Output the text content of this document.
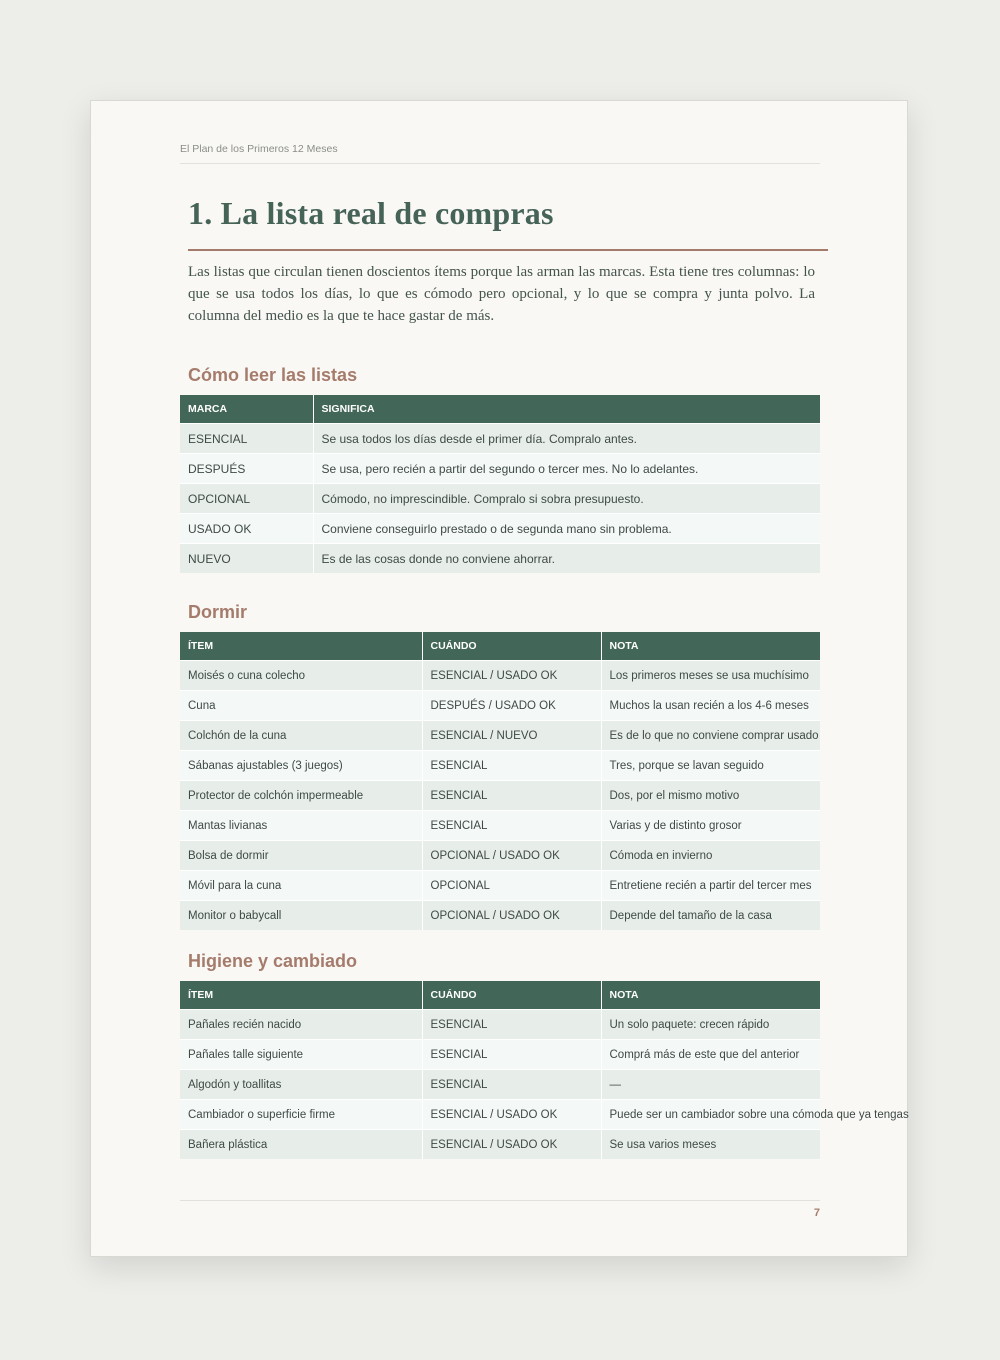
El Plan de los Primeros 12 Meses
1. La lista real de compras

Las listas que circulan tienen doscientos ítems porque las arman las marcas. Esta tiene tres columnas: lo que se usa todos los días, lo que es cómodo pero opcional, y lo que se compra y junta polvo. La columna del medio es la que te hace gastar de más.

Cómo leer las listas
MARCA	SIGNIFICA
ESENCIAL	Se usa todos los días desde el primer día. Compralo antes.
DESPUÉS	Se usa, pero recién a partir del segundo o tercer mes. No lo adelantes.
OPCIONAL	Cómodo, no imprescindible. Compralo si sobra presupuesto.
USADO OK	Conviene conseguirlo prestado o de segunda mano sin problema.
NUEVO	Es de las cosas donde no conviene ahorrar.
Dormir
ÍTEM	CUÁNDO	NOTA
Moisés o cuna colecho	ESENCIAL / USADO OK	Los primeros meses se usa muchísimo
Cuna	DESPUÉS / USADO OK	Muchos la usan recién a los 4-6 meses
Colchón de la cuna	ESENCIAL / NUEVO	Es de lo que no conviene comprar usado
Sábanas ajustables (3 juegos)	ESENCIAL	Tres, porque se lavan seguido
Protector de colchón impermeable	ESENCIAL	Dos, por el mismo motivo
Mantas livianas	ESENCIAL	Varias y de distinto grosor
Bolsa de dormir	OPCIONAL / USADO OK	Cómoda en invierno
Móvil para la cuna	OPCIONAL	Entretiene recién a partir del tercer mes
Monitor o babycall	OPCIONAL / USADO OK	Depende del tamaño de la casa
Higiene y cambiado
ÍTEM	CUÁNDO	NOTA
Pañales recién nacido	ESENCIAL	Un solo paquete: crecen rápido
Pañales talle siguiente	ESENCIAL	Comprá más de este que del anterior
Algodón y toallitas	ESENCIAL	—
Cambiador o superficie firme	ESENCIAL / USADO OK	Puede ser un cambiador sobre una cómoda que ya tengas
Bañera plástica	ESENCIAL / USADO OK	Se usa varios meses
7
